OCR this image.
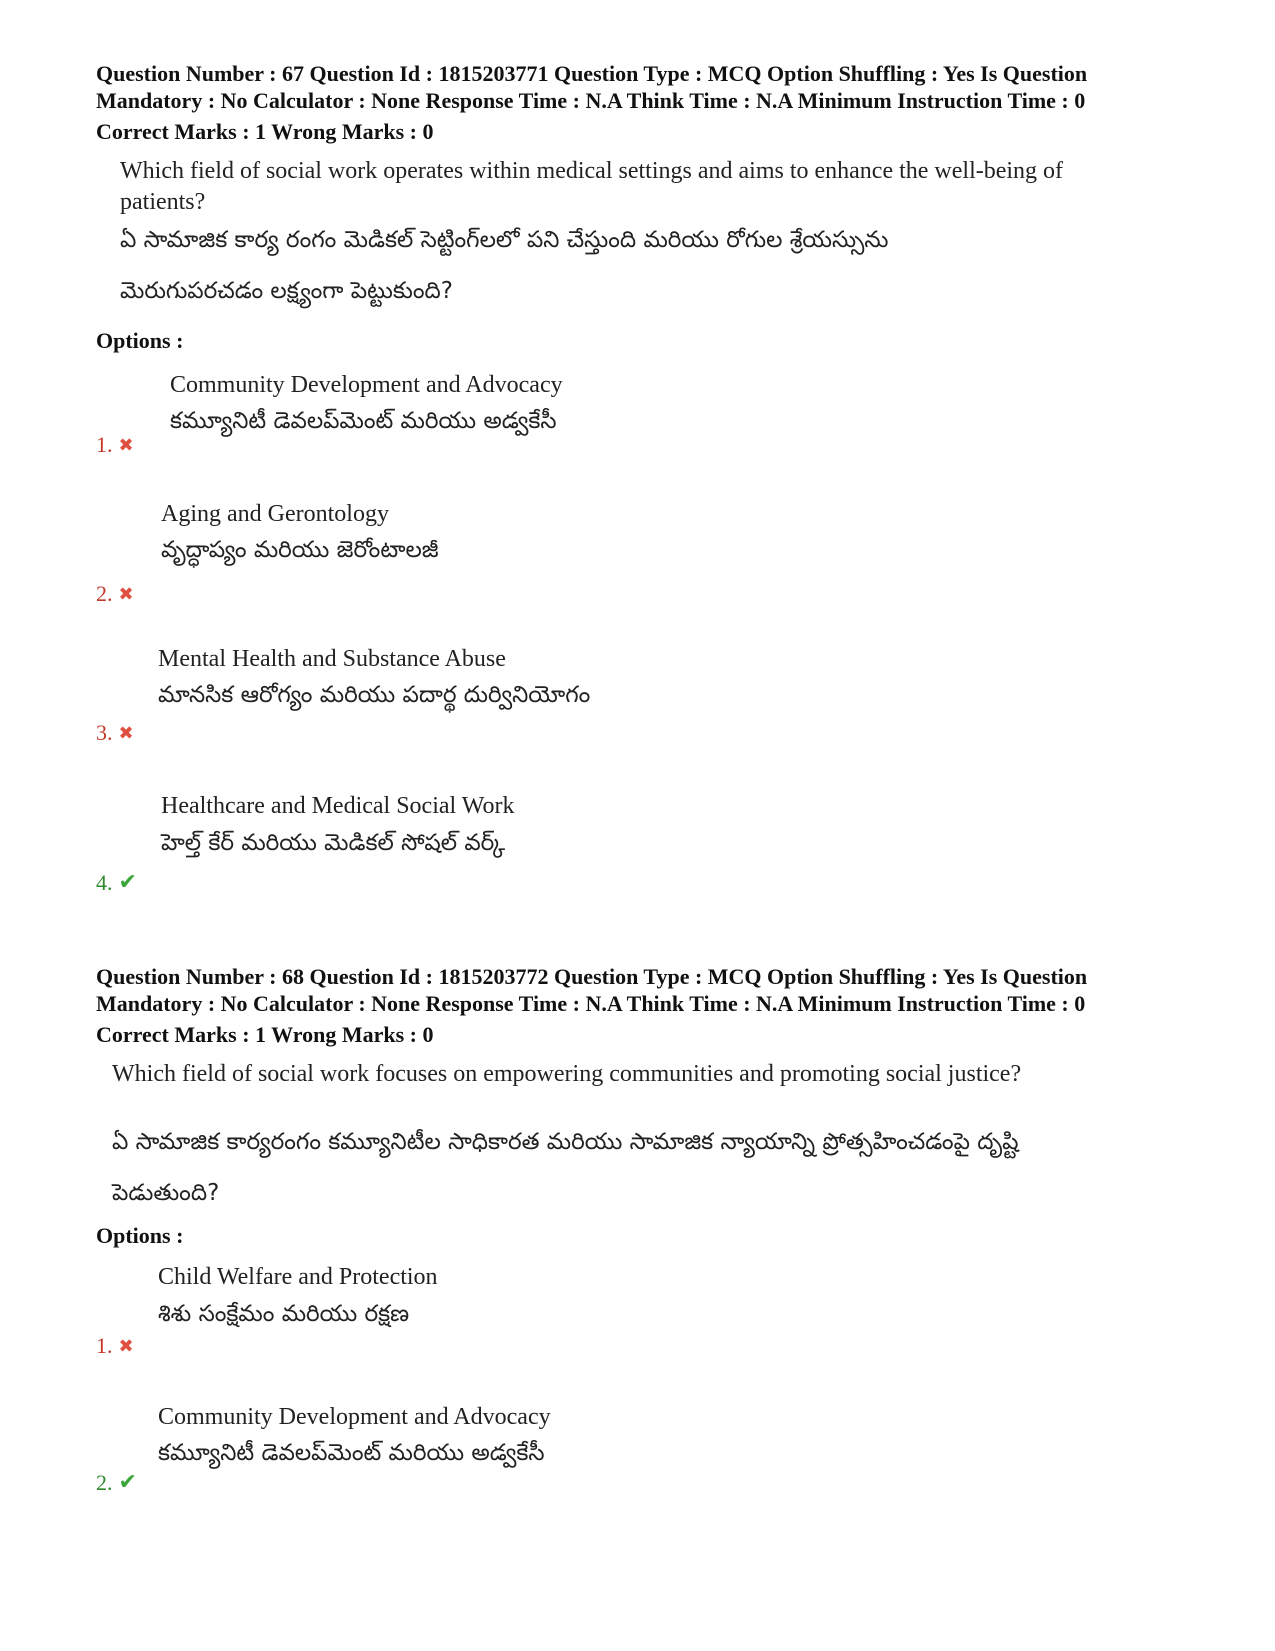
Question Number : 67 Question Id : 1815203771 Question Type : MCQ Option Shuffling : Yes Is Question
Mandatory : No Calculator : None Response Time : N.A Think Time : N.A Minimum Instruction Time : 0
Correct Marks : 1 Wrong Marks : 0
Which field of social work operates within medical settings and aims to enhance the well-being of patients?
ఏ సామాజిక కార్య రంగం మెడికల్ సెట్టింగ్‌లలో పని చేస్తుంది మరియు రోగుల శ్రేయస్సును
మెరుగుపరచడం లక్ష్యంగా పెట్టుకుంది?
Options :
Community Development and Advocacy
కమ్యూనిటీ డెవలప్‌మెంట్ మరియు అడ్వకేసీ
1. ✖
Aging and Gerontology
వృద్ధాప్యం మరియు జెరోంటాలజీ
2. ✖
Mental Health and Substance Abuse
మానసిక ఆరోగ్యం మరియు పదార్థ దుర్వినియోగం
3. ✖
Healthcare and Medical Social Work
హెల్త్ కేర్ మరియు మెడికల్ సోషల్ వర్క్
4. ✔
Question Number : 68 Question Id : 1815203772 Question Type : MCQ Option Shuffling : Yes Is Question
Mandatory : No Calculator : None Response Time : N.A Think Time : N.A Minimum Instruction Time : 0
Correct Marks : 1 Wrong Marks : 0
Which field of social work focuses on empowering communities and promoting social justice?
ఏ సామాజిక కార్యరంగం కమ్యూనిటీల సాధికారత మరియు సామాజిక న్యాయాన్ని ప్రోత్సహించడంపై దృష్టి
పెడుతుంది?
Options :
Child Welfare and Protection
శిశు సంక్షేమం మరియు రక్షణ
1. ✖
Community Development and Advocacy
కమ్యూనిటీ డెవలప్‌మెంట్ మరియు అడ్వకేసీ
2. ✔
